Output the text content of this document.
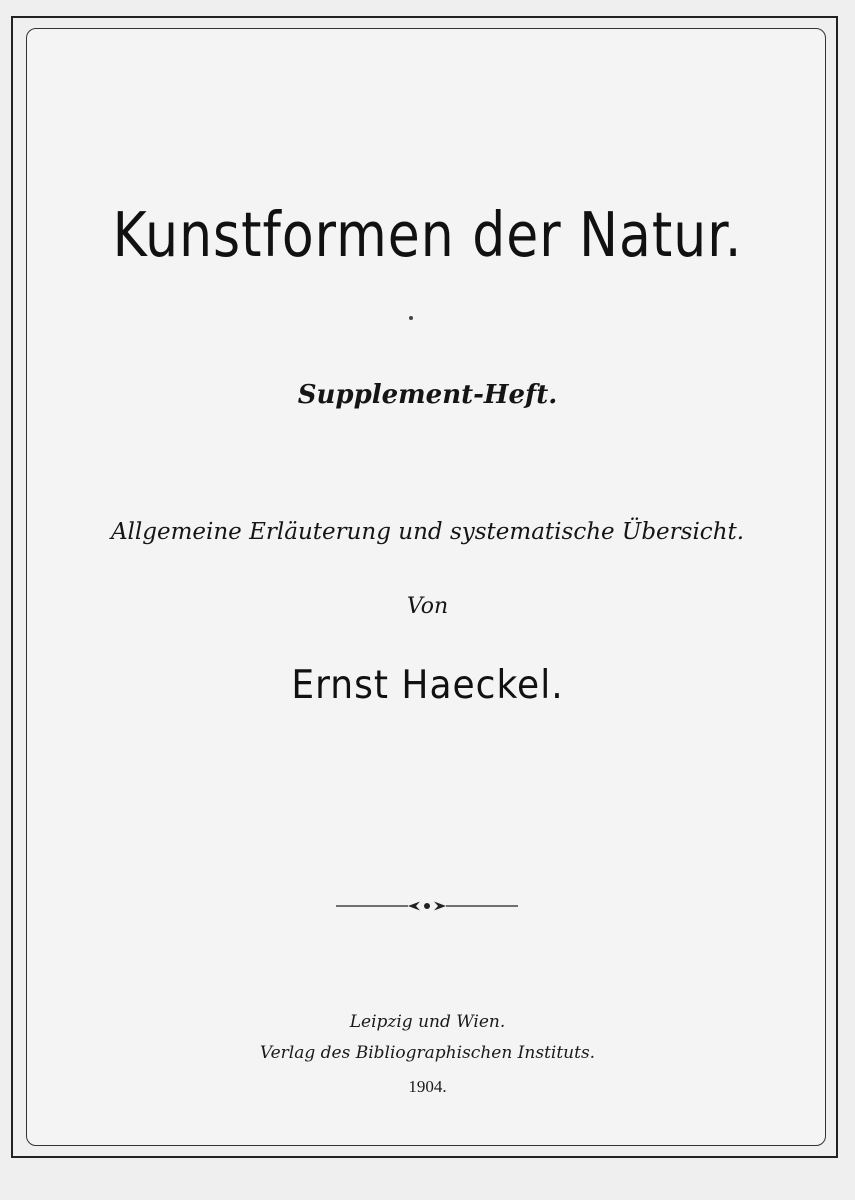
Kunstformen der Natur.
Supplement-Heft.
Allgemeine Erläuterung und systematische Übersicht.
Von
Ernst Haeckel.
Leipzig und Wien.
Verlag des Bibliographischen Instituts.
1904.
